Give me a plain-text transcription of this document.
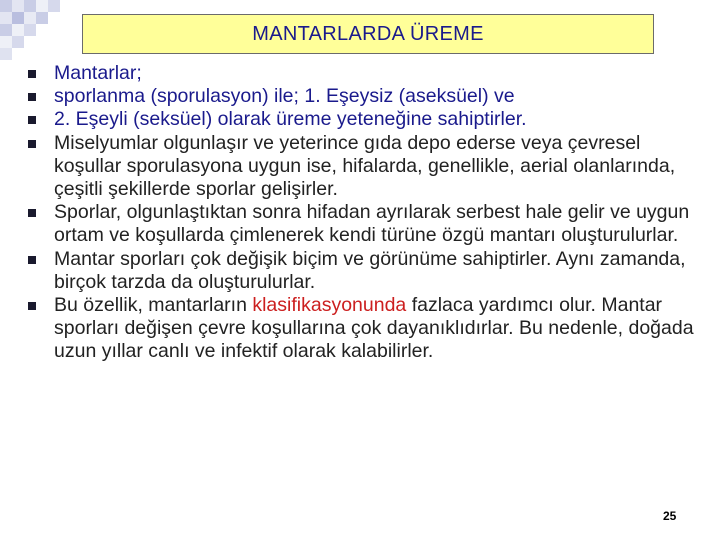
MANTARLARDA ÜREME
Mantarlar;
sporlanma (sporulasyon) ile; 1. Eşeysiz (aseksüel) ve
2. Eşeyli (seksüel) olarak üreme yeteneğine sahiptirler.
Miselyumlar olgunlaşır ve yeterince gıda depo ederse veya çevresel koşullar sporulasyona uygun ise, hifalarda, genellikle, aerial olanlarında, çeşitli şekillerde sporlar gelişirler.
Sporlar, olgunlaştıktan sonra hifadan ayrılarak serbest hale gelir ve uygun ortam ve koşullarda çimlenerek kendi türüne özgü mantarı oluşturulurlar.
Mantar sporları çok değişik biçim ve görünüme sahiptirler. Aynı zamanda, birçok tarzda da oluşturulurlar.
Bu özellik, mantarların klasifikasyonunda fazlaca yardımcı olur. Mantar sporları değişen çevre koşullarına çok dayanıklıdırlar. Bu nedenle, doğada uzun yıllar canlı ve infektif olarak kalabilirler.
25
